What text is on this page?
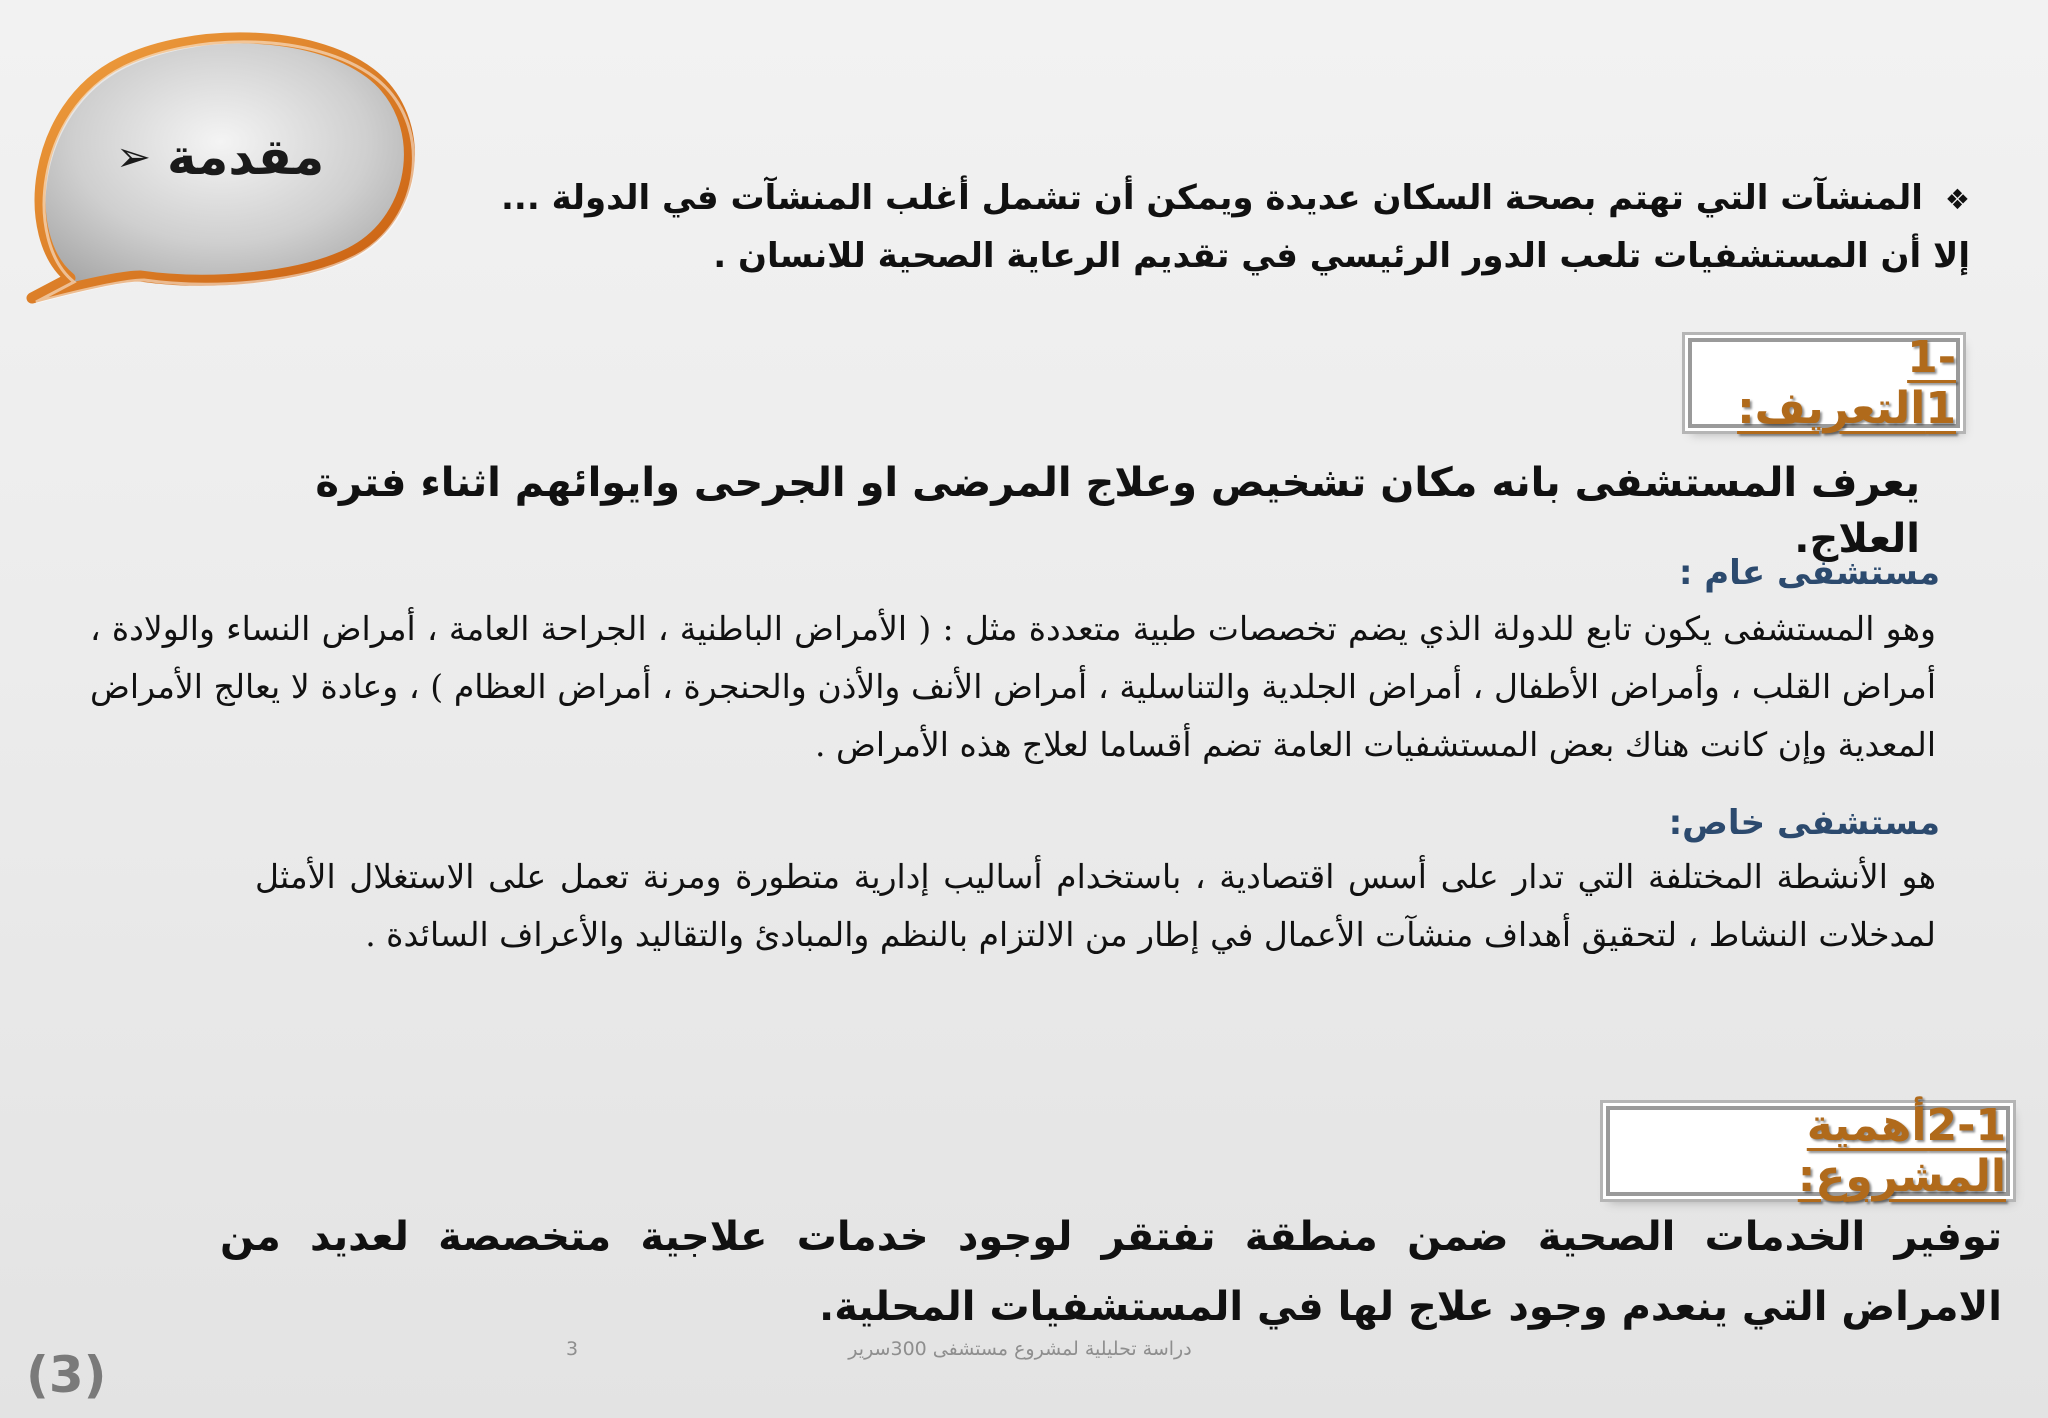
مقدمة
➢
❖المنشآت التي تهتم بصحة السكان عديدة ويمكن أن تشمل أغلب المنشآت في الدولة ... إلا أن المستشفيات تلعب الدور الرئيسي في تقديم الرعاية الصحية للانسان .
1-1التعريف:
يعرف المستشفى بانه مكان تشخيص وعلاج المرضى او الجرحى وايوائهم اثناء فترة العلاج.
مستشفى عام :
وهو المستشفى يكون تابع للدولة الذي يضم تخصصات طبية متعددة مثل : ( الأمراض الباطنية ، الجراحة العامة ، أمراض النساء والولادة ، أمراض القلب ، وأمراض الأطفال ، أمراض الجلدية والتناسلية ، أمراض الأنف والأذن والحنجرة ، أمراض العظام ) ، وعادة لا يعالج الأمراض المعدية وإن كانت هناك بعض المستشفيات العامة تضم أقساما لعلاج هذه الأمراض .
مستشفى خاص:
هو الأنشطة المختلفة التي تدار على أسس اقتصادية ، باستخدام أساليب إدارية متطورة ومرنة تعمل على الاستغلال الأمثل لمدخلات النشاط ، لتحقيق أهداف منشآت الأعمال في إطار من الالتزام بالنظم والمبادئ والتقاليد والأعراف السائدة .
2-1أهمية المشروع:
توفير الخدمات الصحية ضمن منطقة تفتقر لوجود خدمات علاجية متخصصة لعديد من الامراض التي ينعدم وجود علاج لها في المستشفيات المحلية.
دراسة تحليلية لمشروع مستشفى 300سرير
3
(3)
